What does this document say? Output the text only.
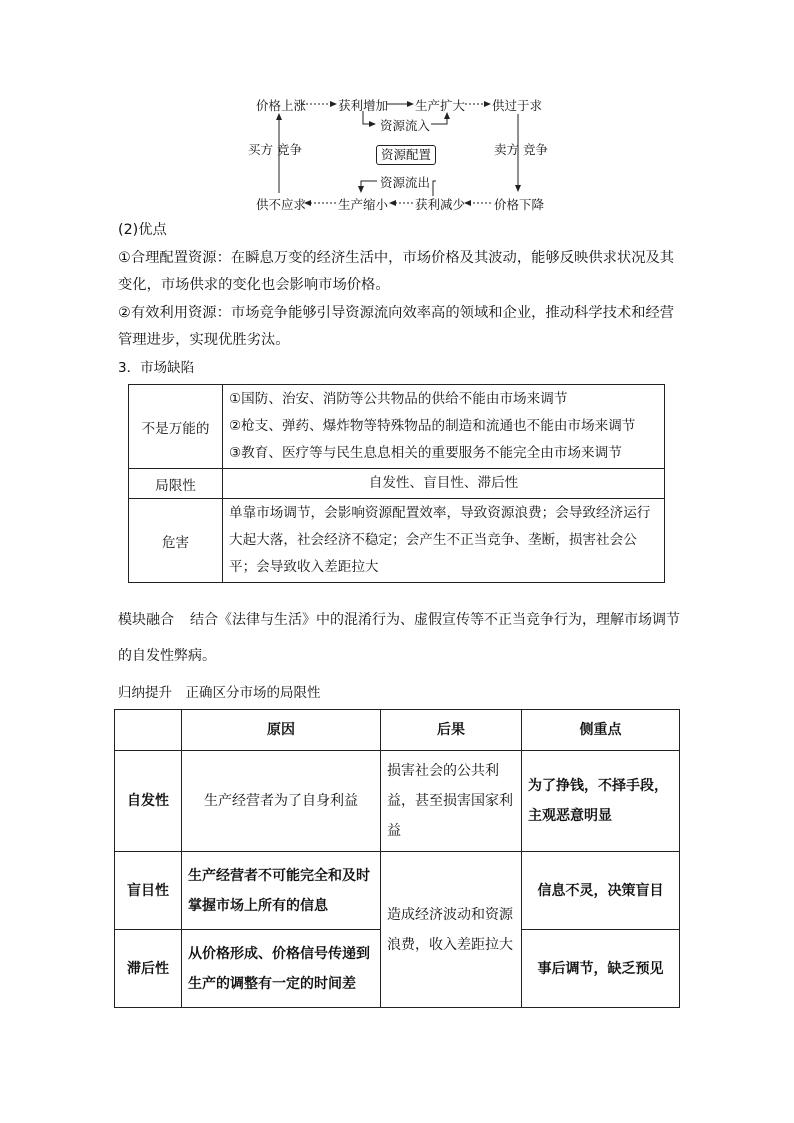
价格上涨	获利增加 生产扩大 供过于求
资源流入
资源配置
资源流出
供不应求	生产缩小 获利减少 价格下降
买方 竞争	卖方 竞争
(2)优点
①合理配置资源：在瞬息万变的经济生活中，市场价格及其波动，能够反映供求状况及其变化，市场供求的变化也会影响市场价格。
②有效利用资源：市场竞争能够引导资源流向效率高的领域和企业，推动科学技术和经营管理进步，实现优胜劣汰。
3．市场缺陷
不是万能的	①国防、治安、消防等公共物品的供给不能由市场来调节
②枪支、弹药、爆炸物等特殊物品的制造和流通也不能由市场来调节
③教育、医疗等与民生息息相关的重要服务不能完全由市场来调节

局限性	自发性、盲目性、滞后性
危害	单靠市场调节，会影响资源配置效率，导致资源浪费；会导致经济运行大起大落，社会经济不稳定；会产生不正当竞争、垄断，损害社会公平；会导致收入差距拉大
模块融合 结合《法律与生活》中的混淆行为、虚假宣传等不正当竞争行为，理解市场调节的自发性弊病。
归纳提升　正确区分市场的局限性
	原因	后果	侧重点
自发性	生产经营者为了自身利益	损害社会的公共利益，甚至损害国家利益	为了挣钱，不择手段，主观恶意明显
盲目性	生产经营者不可能完全和及时掌握市场上所有的信息	造成经济波动和资源浪费，收入差距拉大	信息不灵，决策盲目
滞后性	从价格形成、价格信号传递到生产的调整有一定的时间差		事后调节，缺乏预见
